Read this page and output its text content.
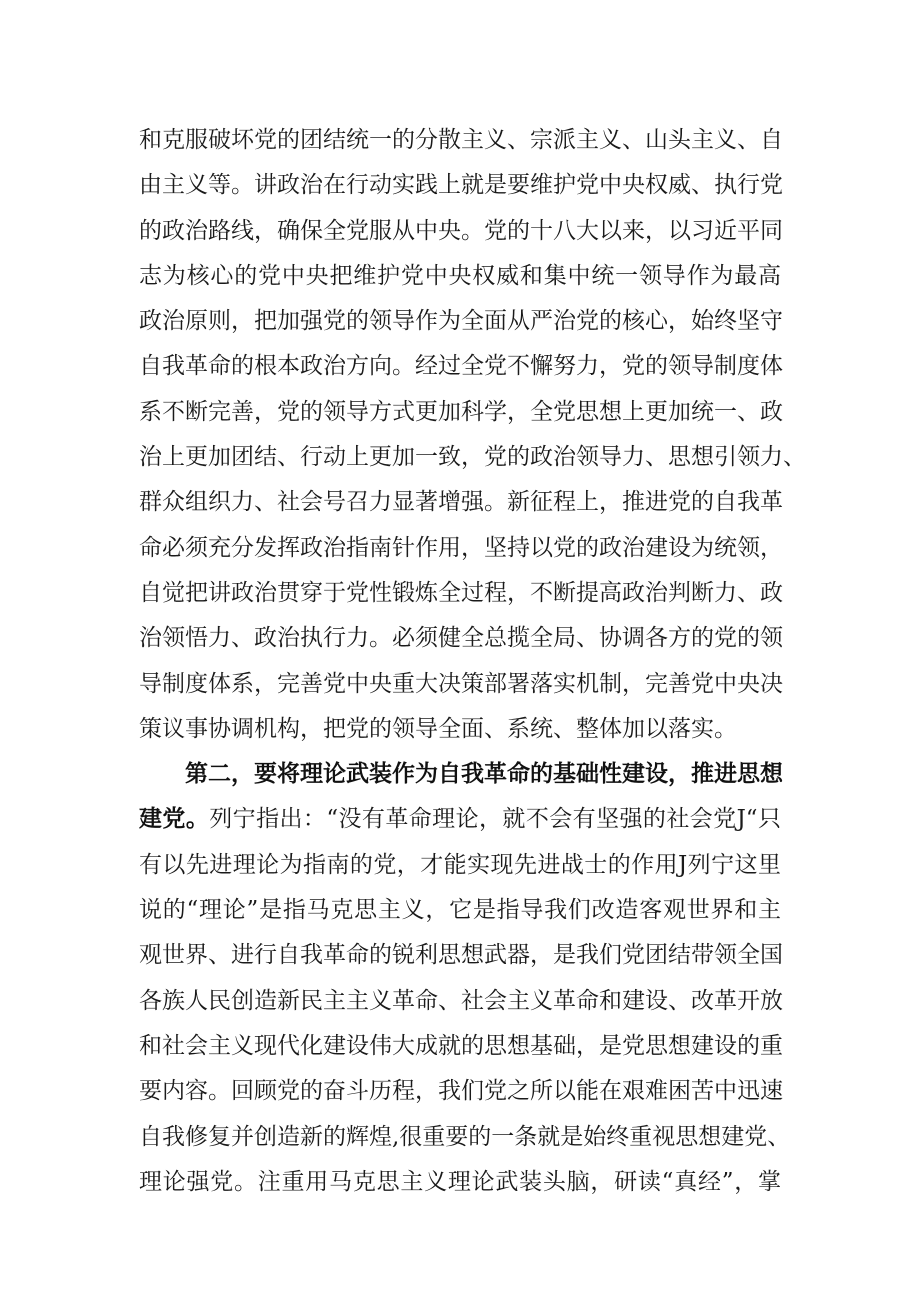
和克服破坏党的团结统一的分散主义、宗派主义、山头主义、自
由主义等。讲政治在行动实践上就是要维护党中央权威、执行党
的政治路线，确保全党服从中央。党的十八大以来，以习近平同
志为核心的党中央把维护党中央权威和集中统一领导作为最高
政治原则，把加强党的领导作为全面从严治党的核心，始终坚守
自我革命的根本政治方向。经过全党不懈努力，党的领导制度体
系不断完善，党的领导方式更加科学，全党思想上更加统一、政
治上更加团结、行动上更加一致，党的政治领导力、思想引领力、
群众组织力、社会号召力显著增强。新征程上，推进党的自我革
命必须充分发挥政治指南针作用，坚持以党的政治建设为统领，
自觉把讲政治贯穿于党性锻炼全过程，不断提高政治判断力、政
治领悟力、政治执行力。必须健全总揽全局、协调各方的党的领
导制度体系，完善党中央重大决策部署落实机制，完善党中央决
策议事协调机构，把党的领导全面、系统、整体加以落实。
第二，要将理论武装作为自我革命的基础性建设，推进思想
建党。列宁指出：“没有革命理论，就不会有坚强的社会党J“只
有以先进理论为指南的党，才能实现先进战士的作用J列宁这里
说的“理论”是指马克思主义，它是指导我们改造客观世界和主
观世界、进行自我革命的锐利思想武器，是我们党团结带领全国
各族人民创造新民主主义革命、社会主义革命和建设、改革开放
和社会主义现代化建设伟大成就的思想基础，是党思想建设的重
要内容。回顾党的奋斗历程，我们党之所以能在艰难困苦中迅速
自我修复并创造新的辉煌,很重要的一条就是始终重视思想建党、
理论强党。注重用马克思主义理论武装头脑，研读“真经”，掌
